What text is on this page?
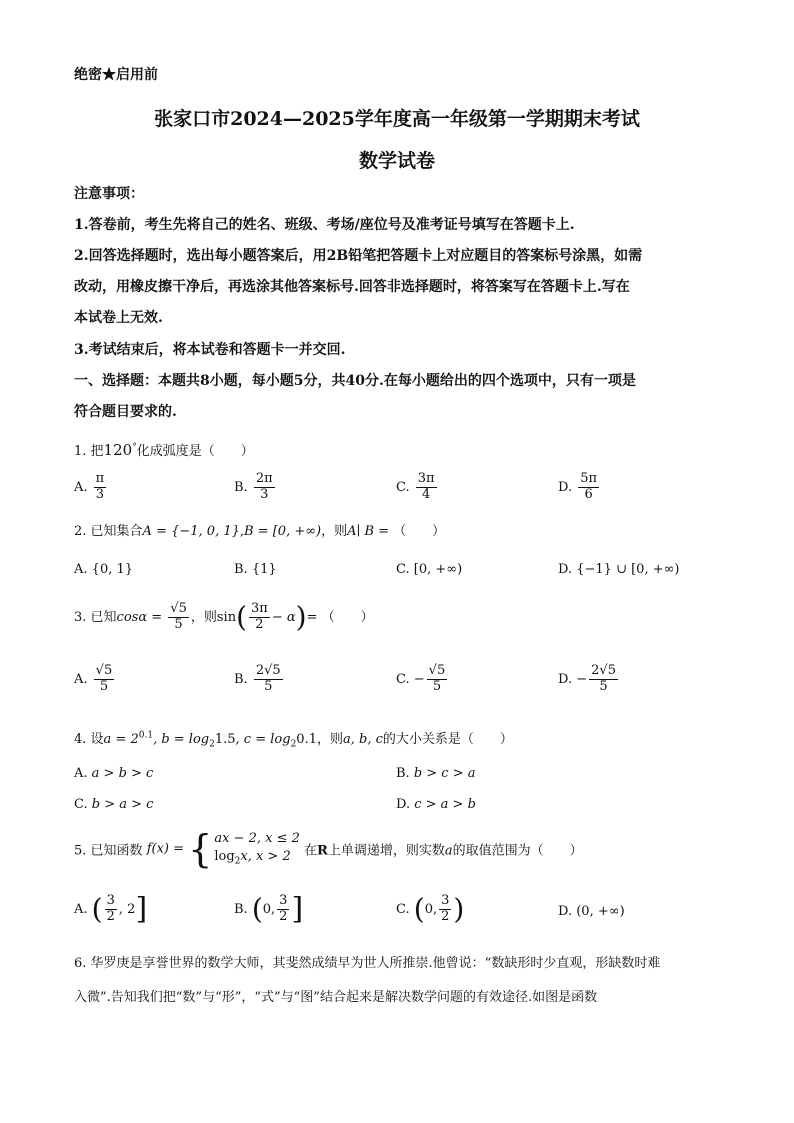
绝密★启用前
张家口市2024—2025学年度高一年级第一学期期末考试
数学试卷
注意事项：
1.答卷前，考生先将自己的姓名、班级、考场/座位号及准考证号填写在答题卡上.
2.回答选择题时，选出每小题答案后，用2B铅笔把答题卡上对应题目的答案标号涂黑，如需
改动，用橡皮擦干净后，再选涂其他答案标号.回答非选择题时，将答案写在答题卡上.写在
本试卷上无效.
3.考试结束后，将本试卷和答题卡一并交回.
一、选择题：本题共8小题，每小题5分，共40分.在每小题给出的四个选项中，只有一项是
符合题目要求的.
1. 把120°化成弧度是（　　）
A. $\frac{\pi}{3}$	B. $\frac{2\pi}{3}$	C. $\frac{3\pi}{4}$	D. $\frac{5\pi}{6}$
2. 已知集合A = {−1, 0, 1},B = [0, +∞)，则A∣ B = （　　）
A. {0, 1}	B. {1}	C. [0, +∞)	D. {−1} ∪ [0, +∞)
3. 已知$\cos\alpha = \frac{√5}{5}$ ，则$\sin( \frac{3\pi}{2} - \alpha)=$ （　　）
A. $\frac{√5}{5}$	B. $\frac{2√5}{5}$	C. − $\frac{√5}{5}$	D. − $\frac{2√5}{5}$
4. 设$a = 2^{0.1}$, $b = \log_21.5$, $c = \log_20.1$，则a, b, c的大小关系是（　　）
A. a > b > c	B. b > c > a
C. b > a > c	D. c > a > b
5. 已知函数 f(x) = { ax − 2, x ≤ 2
$\log_2x$, x > 2	在R上单调递增，则实数a的取值范围为（　　）
A. ( $\frac{3}{2}$ , 2]	B. (0, $\frac{3}{2}$ ]	C. (0, $\frac{3}{2}$ )	D. (0, +∞)
6. 华罗庚是享誉世界的数学大师，其斐然成绩早为世人所推崇.他曾说：“数缺形时少直观，形缺数时难
入微”.告知我们把“数”与“形”，“式”与“图”结合起来是解决数学问题的有效途径.如图是函数
